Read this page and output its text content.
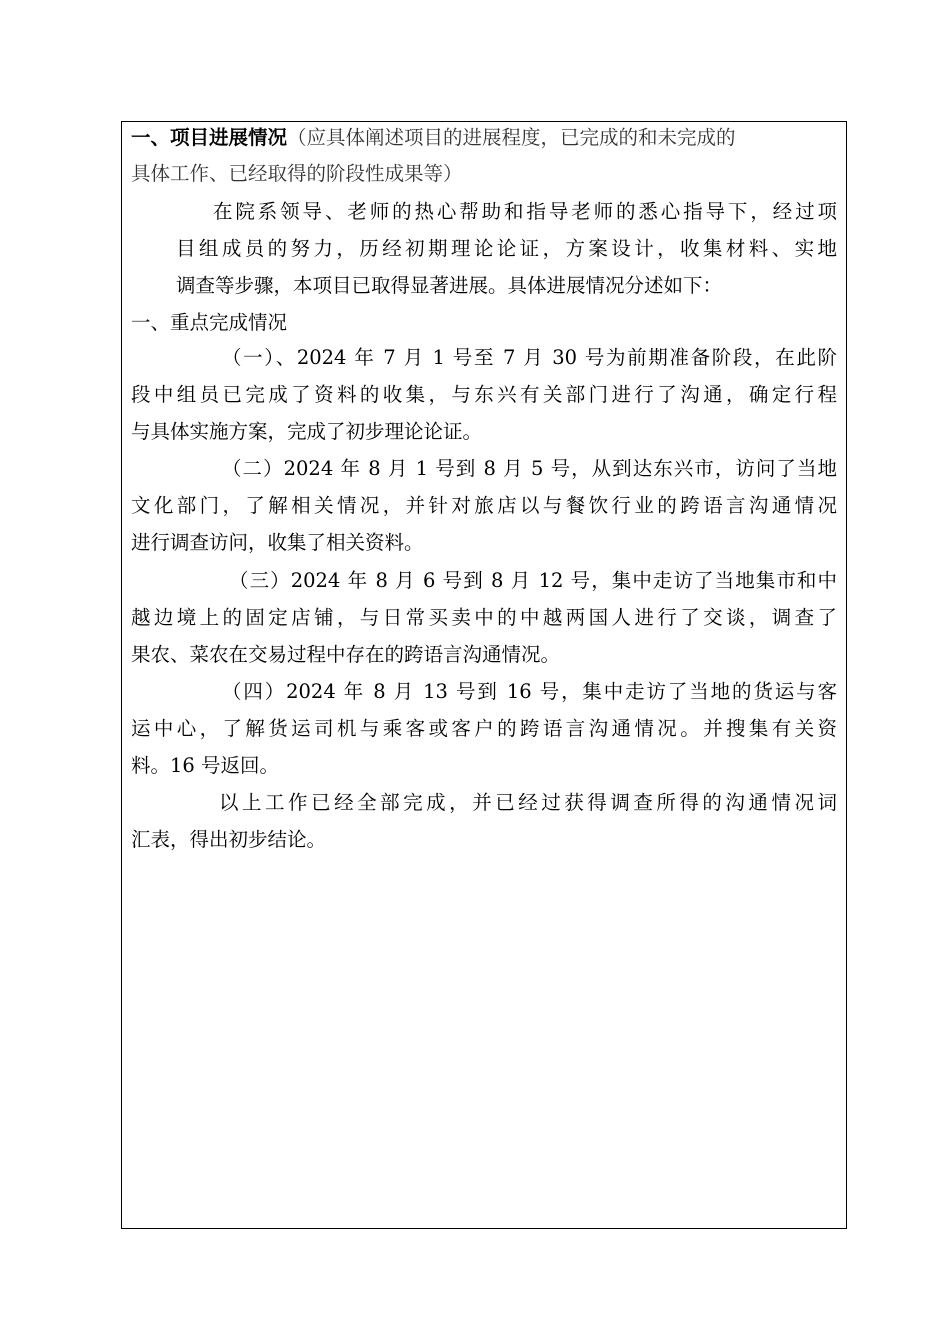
一、项目进展情况（应具体阐述项目的进展程度，已完成的和未完成的
具体工作、已经取得的阶段性成果等）
在院系领导、老师的热心帮助和指导老师的悉心指导下，经过项
目组成员的努力，历经初期理论论证，方案设计，收集材料、实地
调查等步骤，本项目已取得显著进展。具体进展情况分述如下：
一、重点完成情况
（一）、2024 年 7 月 1 号至 7 月 30 号为前期准备阶段，在此阶
段中组员已完成了资料的收集，与东兴有关部门进行了沟通，确定行程
与具体实施方案，完成了初步理论论证。
（二）2024 年 8 月 1 号到 8 月 5 号，从到达东兴市，访问了当地
文化部门，了解相关情况，并针对旅店以与餐饮行业的跨语言沟通情况
进行调查访问，收集了相关资料。
（三）2024 年 8 月 6 号到 8 月 12 号，集中走访了当地集市和中
越边境上的固定店铺，与日常买卖中的中越两国人进行了交谈，调查了
果农、菜农在交易过程中存在的跨语言沟通情况。
（四）2024 年 8 月 13 号到 16 号，集中走访了当地的货运与客
运中心，了解货运司机与乘客或客户的跨语言沟通情况。并搜集有关资
料。16 号返回。
以上工作已经全部完成，并已经过获得调查所得的沟通情况词
汇表，得出初步结论。
